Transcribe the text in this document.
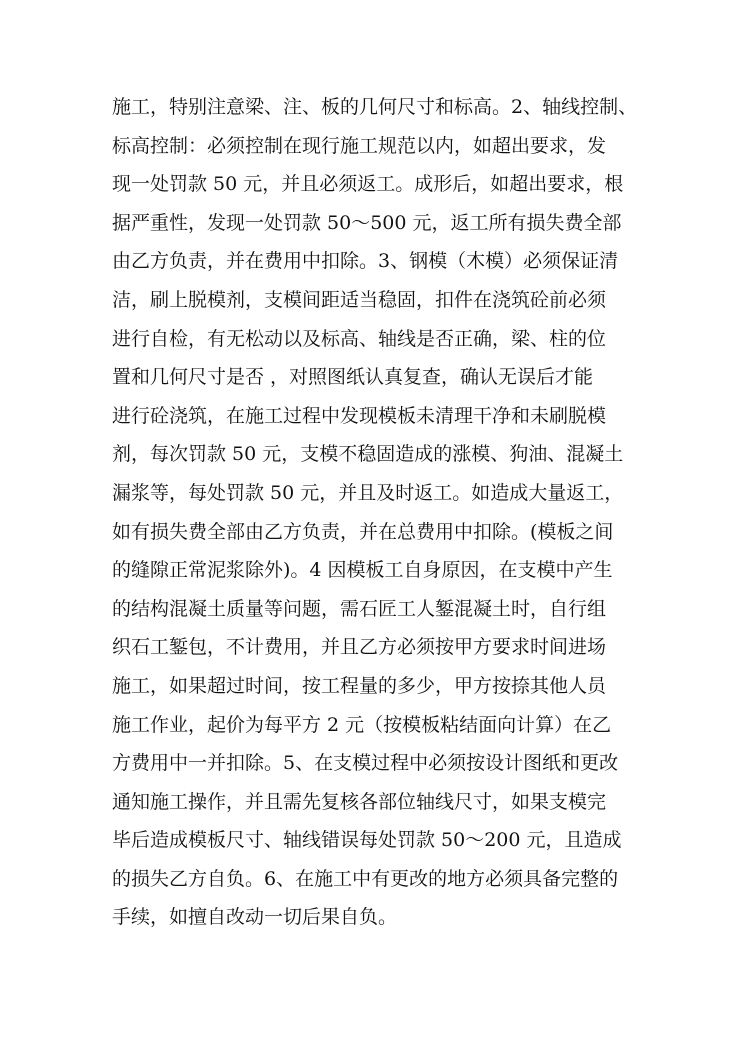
施工，特别注意梁、注、板的几何尺寸和标高。2、轴线控制、
标高控制：必须控制在现行施工规范以内，如超出要求，发
现一处罚款 50 元，并且必须返工。成形后，如超出要求，根
据严重性，发现一处罚款 50～500 元，返工所有损失费全部
由乙方负责，并在费用中扣除。3、钢模（木模）必须保证清
洁，刷上脱模剂，支模间距适当稳固，扣件在浇筑砼前必须
进行自检，有无松动以及标高、轴线是否正确，梁、柱的位
置和几何尺寸是否 ，对照图纸认真复查，确认无误后才能
进行砼浇筑，在施工过程中发现模板未清理干净和未刷脱模
剂，每次罚款 50 元，支模不稳固造成的涨模、狗油、混凝土
漏浆等，每处罚款 50 元，并且及时返工。如造成大量返工，
如有损失费全部由乙方负责，并在总费用中扣除。(模板之间
的缝隙正常泥浆除外)。4 因模板工自身原因，在支模中产生
的结构混凝土质量等问题，需石匠工人錾混凝土时，自行组
织石工錾包，不计费用，并且乙方必须按甲方要求时间进场
施工，如果超过时间，按工程量的多少，甲方按捺其他人员
施工作业，起价为每平方 2 元（按模板粘结面向计算）在乙
方费用中一并扣除。5、在支模过程中必须按设计图纸和更改
通知施工操作，并且需先复核各部位轴线尺寸，如果支模完
毕后造成模板尺寸、轴线错误每处罚款 50～200 元，且造成
的损失乙方自负。6、在施工中有更改的地方必须具备完整的
手续，如擅自改动一切后果自负。
